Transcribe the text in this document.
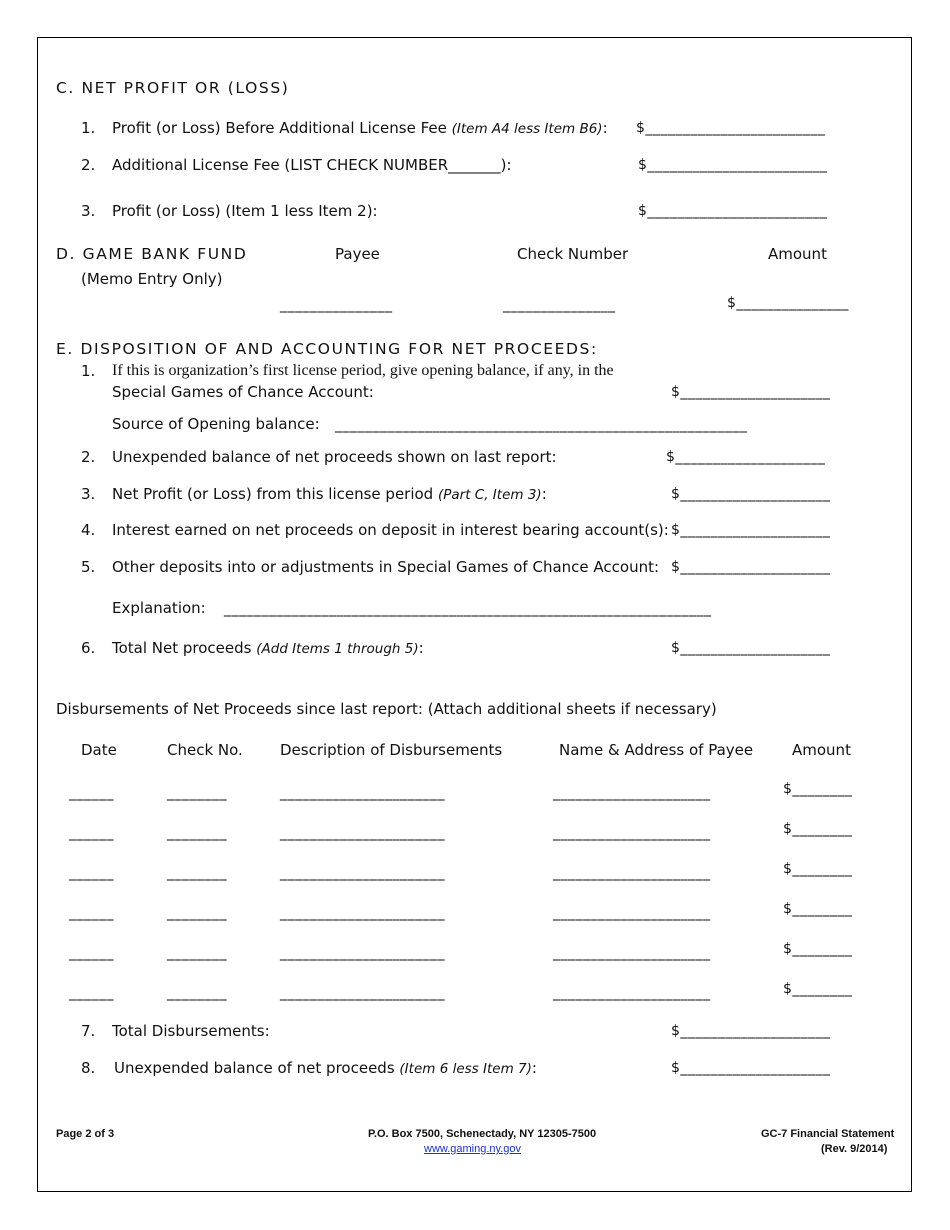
C. NET PROFIT OR (LOSS)
1. Profit (or Loss) Before Additional License Fee (Item A4 less Item B6): $________________________
2. Additional License Fee (LIST CHECK NUMBER_______):	$________________________
3. Profit (or Loss) (Item 1 less Item 2):	$________________________
D. GAME BANK FUND	Payee	Check Number	Amount
(Memo Entry Only)
_______________	_______________	$_______________
E. DISPOSITION OF AND ACCOUNTING FOR NET PROCEEDS:
1. If this is organization’s first license period, give opening balance, if any, in the
Special Games of Chance Account:	$____________________
Source of Opening balance: _______________________________________________________
2. Unexpended balance of net proceeds shown on last report:	$____________________
3. Net Profit (or Loss) from this license period (Part C, Item 3):	$____________________
4. Interest earned on net proceeds on deposit in interest bearing account(s): $____________________
5. Other deposits into or adjustments in Special Games of Chance Account: $____________________
Explanation: _________________________________________________________________
6. Total Net proceeds (Add Items 1 through 5):	$____________________
Disbursements of Net Proceeds since last report: (Attach additional sheets if necessary)
Date	Check No. Description of Disbursements	Name & Address of Payee	Amount
______	________	______________________	_____________________	$________
______	________	______________________	_____________________	$________
______	________	______________________	_____________________	$________
______	________	______________________	_____________________	$________
______	________	______________________	_____________________	$________
______	________	______________________	_____________________	$________
7. Total Disbursements:	$____________________
8. Unexpended balance of net proceeds (Item 6 less Item 7):	$____________________
Page 2 of 3	P.O. Box 7500, Schenectady, NY 12305-7500
www.gaming.ny.gov
GC-7 Financial Statement
(Rev. 9/2014)
